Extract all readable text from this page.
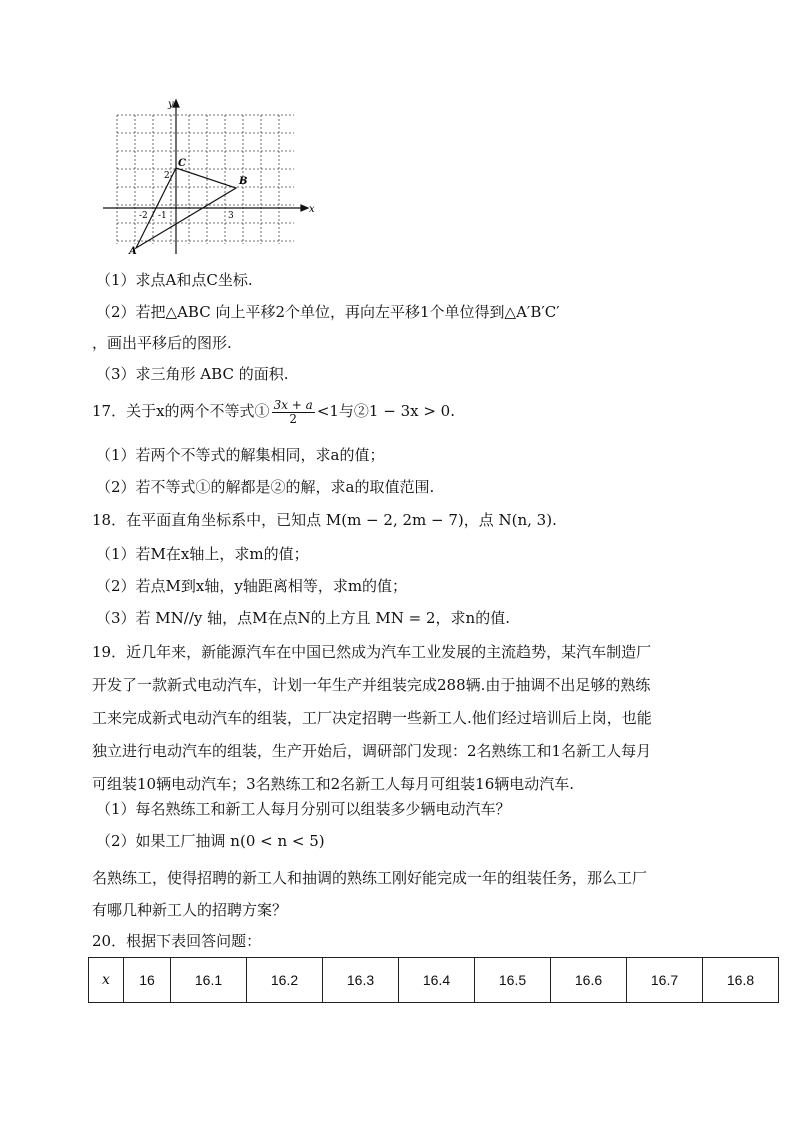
x
y
-2 -1
2
3
A
B
C
（1）求点A和点C坐标.
（2）若把△ABC 向上平移2个单位，再向左平移1个单位得到△A′B′C′
，画出平移后的图形.
（3）求三角形 ABC 的面积.
17．关于x的两个不等式① $\frac{3x + a}{2} <1$与②1 − 3x > 0.
（1）若两个不等式的解集相同，求a的值；
（2）若不等式①的解都是②的解，求a的取值范围.
18．在平面直角坐标系中，已知点 M(m − 2, 2m − 7)，点 N(n, 3).
（1）若M在x轴上，求m的值；
（2）若点M到x轴，y轴距离相等，求m的值；
（3）若 MN//y 轴，点M在点N的上方且 MN = 2，求n的值.
19．近几年来，新能源汽车在中国已然成为汽车工业发展的主流趋势，某汽车制造厂
开发了一款新式电动汽车，计划一年生产并组装完成288辆.由于抽调不出足够的熟练
工来完成新式电动汽车的组装，工厂决定招聘一些新工人.他们经过培训后上岗，也能
独立进行电动汽车的组装，生产开始后，调研部门发现：2名熟练工和1名新工人每月
可组装10辆电动汽车；3名熟练工和2名新工人每月可组装16辆电动汽车.
（1）每名熟练工和新工人每月分别可以组装多少辆电动汽车？
（2）如果工厂抽调 n(0 < n < 5)
名熟练工，使得招聘的新工人和抽调的熟练工刚好能完成一年的组装任务，那么工厂
有哪几种新工人的招聘方案？
20．根据下表回答问题：
x	16	16.1	16.2	16.3	16.4	16.5	16.6	16.7	16.8
